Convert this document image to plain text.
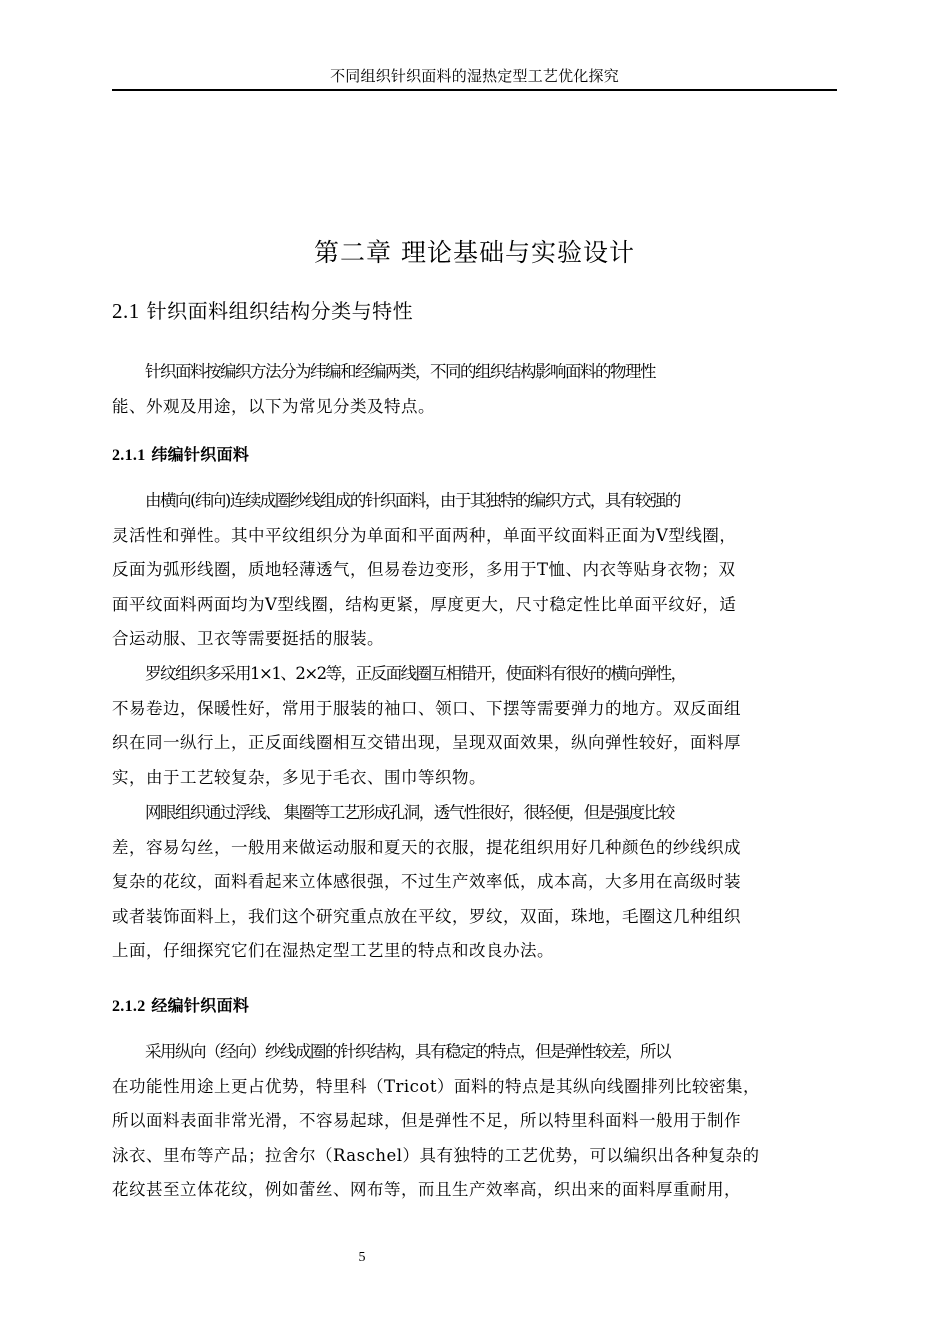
不同组织针织面料的湿热定型工艺优化探究
第二章 理论基础与实验设计
2.1 针织面料组织结构分类与特性

针织面料按编织方法分为纬编和经编两类，不同的组织结构影响面料的物理性
能、外观及用途，以下为常见分类及特点。

2.1.1 纬编针织面料

由横向(纬向)连续成圈纱线组成的针织面料，由于其独特的编织方式，具有较强的
灵活性和弹性。其中平纹组织分为单面和平面两种，单面平纹面料正面为V型线圈，
反面为弧形线圈，质地轻薄透气，但易卷边变形，多用于T恤、内衣等贴身衣物；双
面平纹面料两面均为V型线圈，结构更紧，厚度更大，尺寸稳定性比单面平纹好，适
合运动服、卫衣等需要挺括的服装。

罗纹组织多采用1×1、2×2等，正反面线圈互相错开，使面料有很好的横向弹性，
不易卷边，保暖性好，常用于服装的袖口、领口、下摆等需要弹力的地方。双反面组
织在同一纵行上，正反面线圈相互交错出现，呈现双面效果，纵向弹性较好，面料厚
实，由于工艺较复杂，多见于毛衣、围巾等织物。

网眼组织通过浮线、 集圈等工艺形成孔洞，透气性很好，很轻便，但是强度比较
差，容易勾丝，一般用来做运动服和夏天的衣服，提花组织用好几种颜色的纱线织成
复杂的花纹，面料看起来立体感很强，不过生产效率低，成本高，大多用在高级时装
或者装饰面料上，我们这个研究重点放在平纹，罗纹，双面，珠地，毛圈这几种组织
上面，仔细探究它们在湿热定型工艺里的特点和改良办法。

2.1.2 经编针织面料

采用纵向（经向）纱线成圈的针织结构，具有稳定的特点，但是弹性较差，所以
在功能性用途上更占优势，特里科（Tricot）面料的特点是其纵向线圈排列比较密集，
所以面料表面非常光滑，不容易起球，但是弹性不足，所以特里科面料一般用于制作
泳衣、里布等产品；拉舍尔（Raschel）具有独特的工艺优势，可以编织出各种复杂的
花纹甚至立体花纹，例如蕾丝、网布等，而且生产效率高，织出来的面料厚重耐用，

5
